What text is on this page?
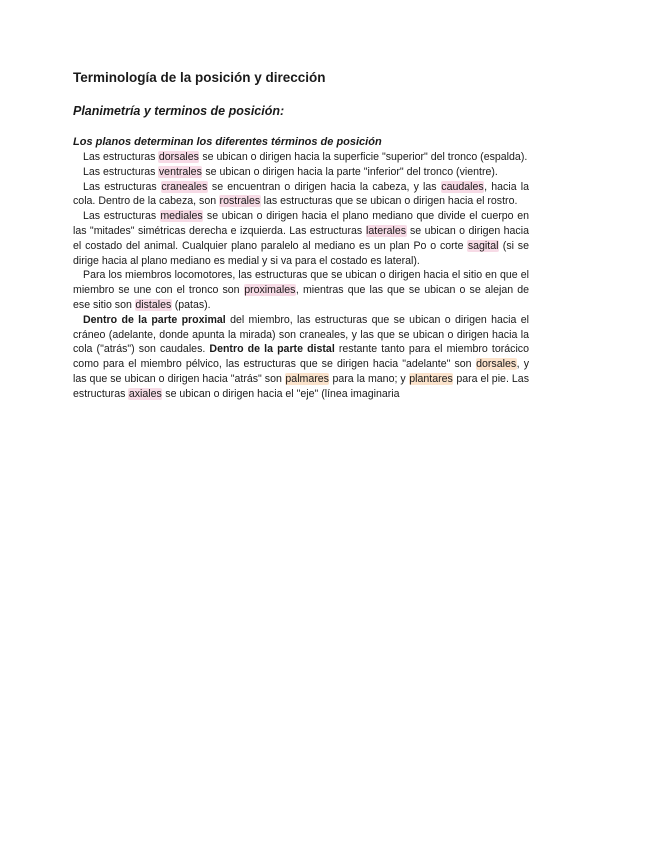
Terminología de la posición y dirección
Planimetría y terminos de posición:
Los planos determinan los diferentes términos de posición

Las estructuras dorsales se ubican o dirigen hacia la superficie "superior" del tronco (espalda).

Las estructuras ventrales se ubican o dirigen hacia la parte "inferior" del tronco (vientre).

Las estructuras craneales se encuentran o dirigen hacia la cabeza, y las caudales, hacia la cola. Dentro de la cabeza, son rostrales las estructuras que se ubican o dirigen hacia el rostro.

Las estructuras mediales se ubican o dirigen hacia el plano mediano que divide el cuerpo en las "mitades" simétricas derecha e izquierda. Las estructuras laterales se ubican o dirigen hacia el costado del animal. Cualquier plano paralelo al mediano es un plan Po o corte sagital (si se dirige hacia al plano mediano es medial y si va para el costado es lateral).

Para los miembros locomotores, las estructuras que se ubican o dirigen hacia el sitio en que el miembro se une con el tronco son proximales, mientras que las que se ubican o se alejan de ese sitio son distales (patas).

Dentro de la parte proximal del miembro, las estructuras que se ubican o dirigen hacia el cráneo (adelante, donde apunta la mirada) son craneales, y las que se ubican o dirigen hacia la cola ("atrás") son caudales. Dentro de la parte distal restante tanto para el miembro torácico como para el miembro pélvico, las estructuras que se dirigen hacia "adelante" son dorsales, y las que se ubican o dirigen hacia "atrás" son palmares para la mano; y plantares para el pie. Las estructuras axiales se ubican o dirigen hacia el "eje" (línea imaginaria
